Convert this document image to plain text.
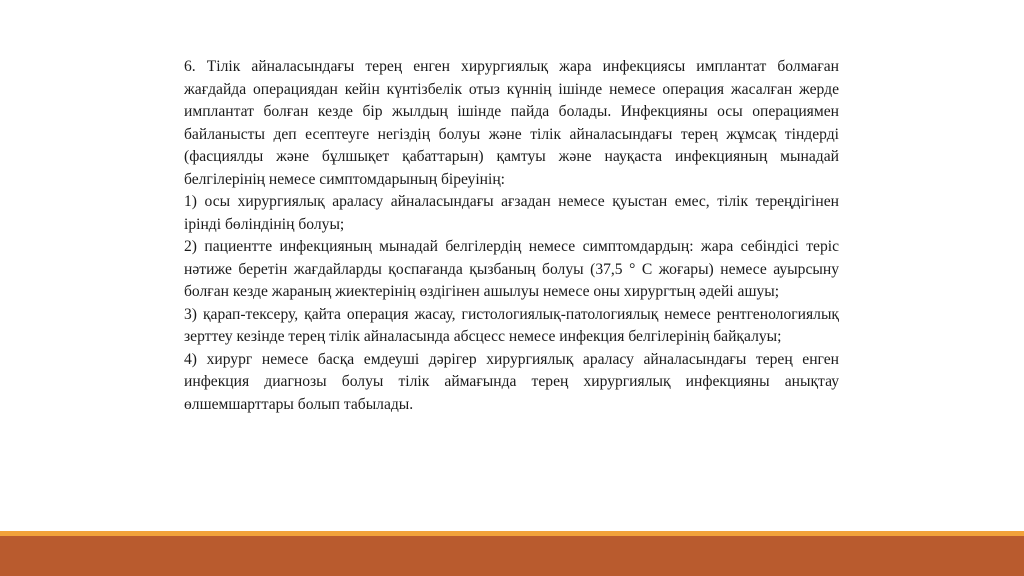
6. Тілік айналасындағы терең енген хирургиялық жара инфекциясы имплантат болмаған жағдайда операциядан кейін күнтізбелік отыз күннің ішінде немесе операция жасалған жерде имплантат болған кезде бір жылдың ішінде пайда болады. Инфекцияны осы операциямен байланысты деп есептеуге негіздің болуы және тілік айналасындағы терең жұмсақ тіндерді (фасциялды және бұлшықет қабаттарын) қамтуы және науқаста инфекцияның мынадай белгілерінің немесе симптомдарының біреуінің:

1) осы хирургиялық араласу айналасындағы ағзадан немесе қуыстан емес, тілік тереңдігінен ірінді бөліндінің болуы;

2) пациентте инфекцияның мынадай белгілердің немесе симптомдардың: жара себіндісі теріс нәтиже беретін жағдайларды қоспағанда қызбаның болуы (37,5 ° С жоғары) немесе ауырсыну болған кезде жараның жиектерінің өздігінен ашылуы немесе оны хирургтың әдейі ашуы;

3) қарап-тексеру, қайта операция жасау, гистологиялық-патологиялық немесе рентгенологиялық зерттеу кезінде терең тілік айналасында абсцесс немесе инфекция белгілерінің байқалуы;

4) хирург немесе басқа емдеуші дәрігер хирургиялық араласу айналасындағы терең енген инфекция диагнозы болуы тілік аймағында терең хирургиялық инфекцияны анықтау өлшемшарттары болып табылады.
